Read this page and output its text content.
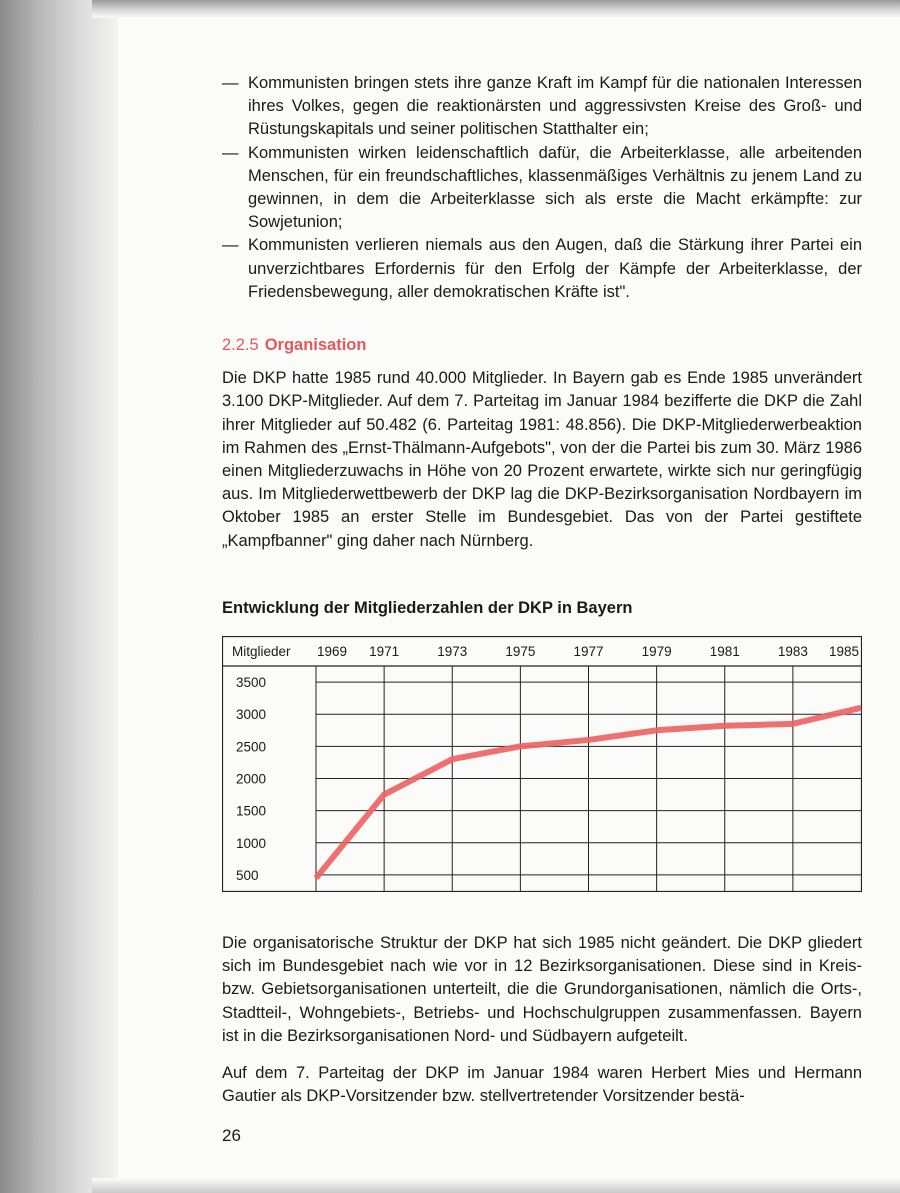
— Kommunisten bringen stets ihre ganze Kraft im Kampf für die nationalen Interessen ihres Volkes, gegen die reaktionärsten und aggressivsten Kreise des Groß- und Rüstungskapitals und seiner politischen Statthalter ein;
— Kommunisten wirken leidenschaftlich dafür, die Arbeiterklasse, alle arbeitenden Menschen, für ein freundschaftliches, klassenmäßiges Verhältnis zu jenem Land zu gewinnen, in dem die Arbeiterklasse sich als erste die Macht erkämpfte: zur Sowjetunion;
— Kommunisten verlieren niemals aus den Augen, daß die Stärkung ihrer Partei ein unverzichtbares Erfordernis für den Erfolg der Kämpfe der Arbeiterklasse, der Friedensbewegung, aller demokratischen Kräfte ist".
2.2.5 Organisation

Die DKP hatte 1985 rund 40.000 Mitglieder. In Bayern gab es Ende 1985 unverändert 3.100 DKP-Mitglieder. Auf dem 7. Parteitag im Januar 1984 bezifferte die DKP die Zahl ihrer Mitglieder auf 50.482 (6. Parteitag 1981: 48.856). Die DKP-Mitgliederwerbeaktion im Rahmen des „Ernst-Thälmann-Aufgebots", von der die Partei bis zum 30. März 1986 einen Mitgliederzuwachs in Höhe von 20 Prozent erwartete, wirkte sich nur geringfügig aus. Im Mitgliederwettbewerb der DKP lag die DKP-Bezirksorganisation Nordbayern im Oktober 1985 an erster Stelle im Bundesgebiet. Das von der Partei gestiftete „Kampfbanner" ging daher nach Nürnberg.

Entwicklung der Mitgliederzahlen der DKP in Bayern
Mitglieder 1969 1971	1973	1975	1977	1979	1981	1983 1985
3500
3000
2500
2000
1500
1000
500

Die organisatorische Struktur der DKP hat sich 1985 nicht geändert. Die DKP gliedert sich im Bundesgebiet nach wie vor in 12 Bezirksorganisationen. Diese sind in Kreis- bzw. Gebietsorganisationen unterteilt, die die Grundorganisationen, nämlich die Orts-, Stadtteil-, Wohngebiets-, Betriebs- und Hochschulgruppen zusammenfassen. Bayern ist in die Bezirksorganisationen Nord- und Südbayern aufgeteilt.

Auf dem 7. Parteitag der DKP im Januar 1984 waren Herbert Mies und Hermann Gautier als DKP-Vorsitzender bzw. stellvertretender Vorsitzender bestä-

26
